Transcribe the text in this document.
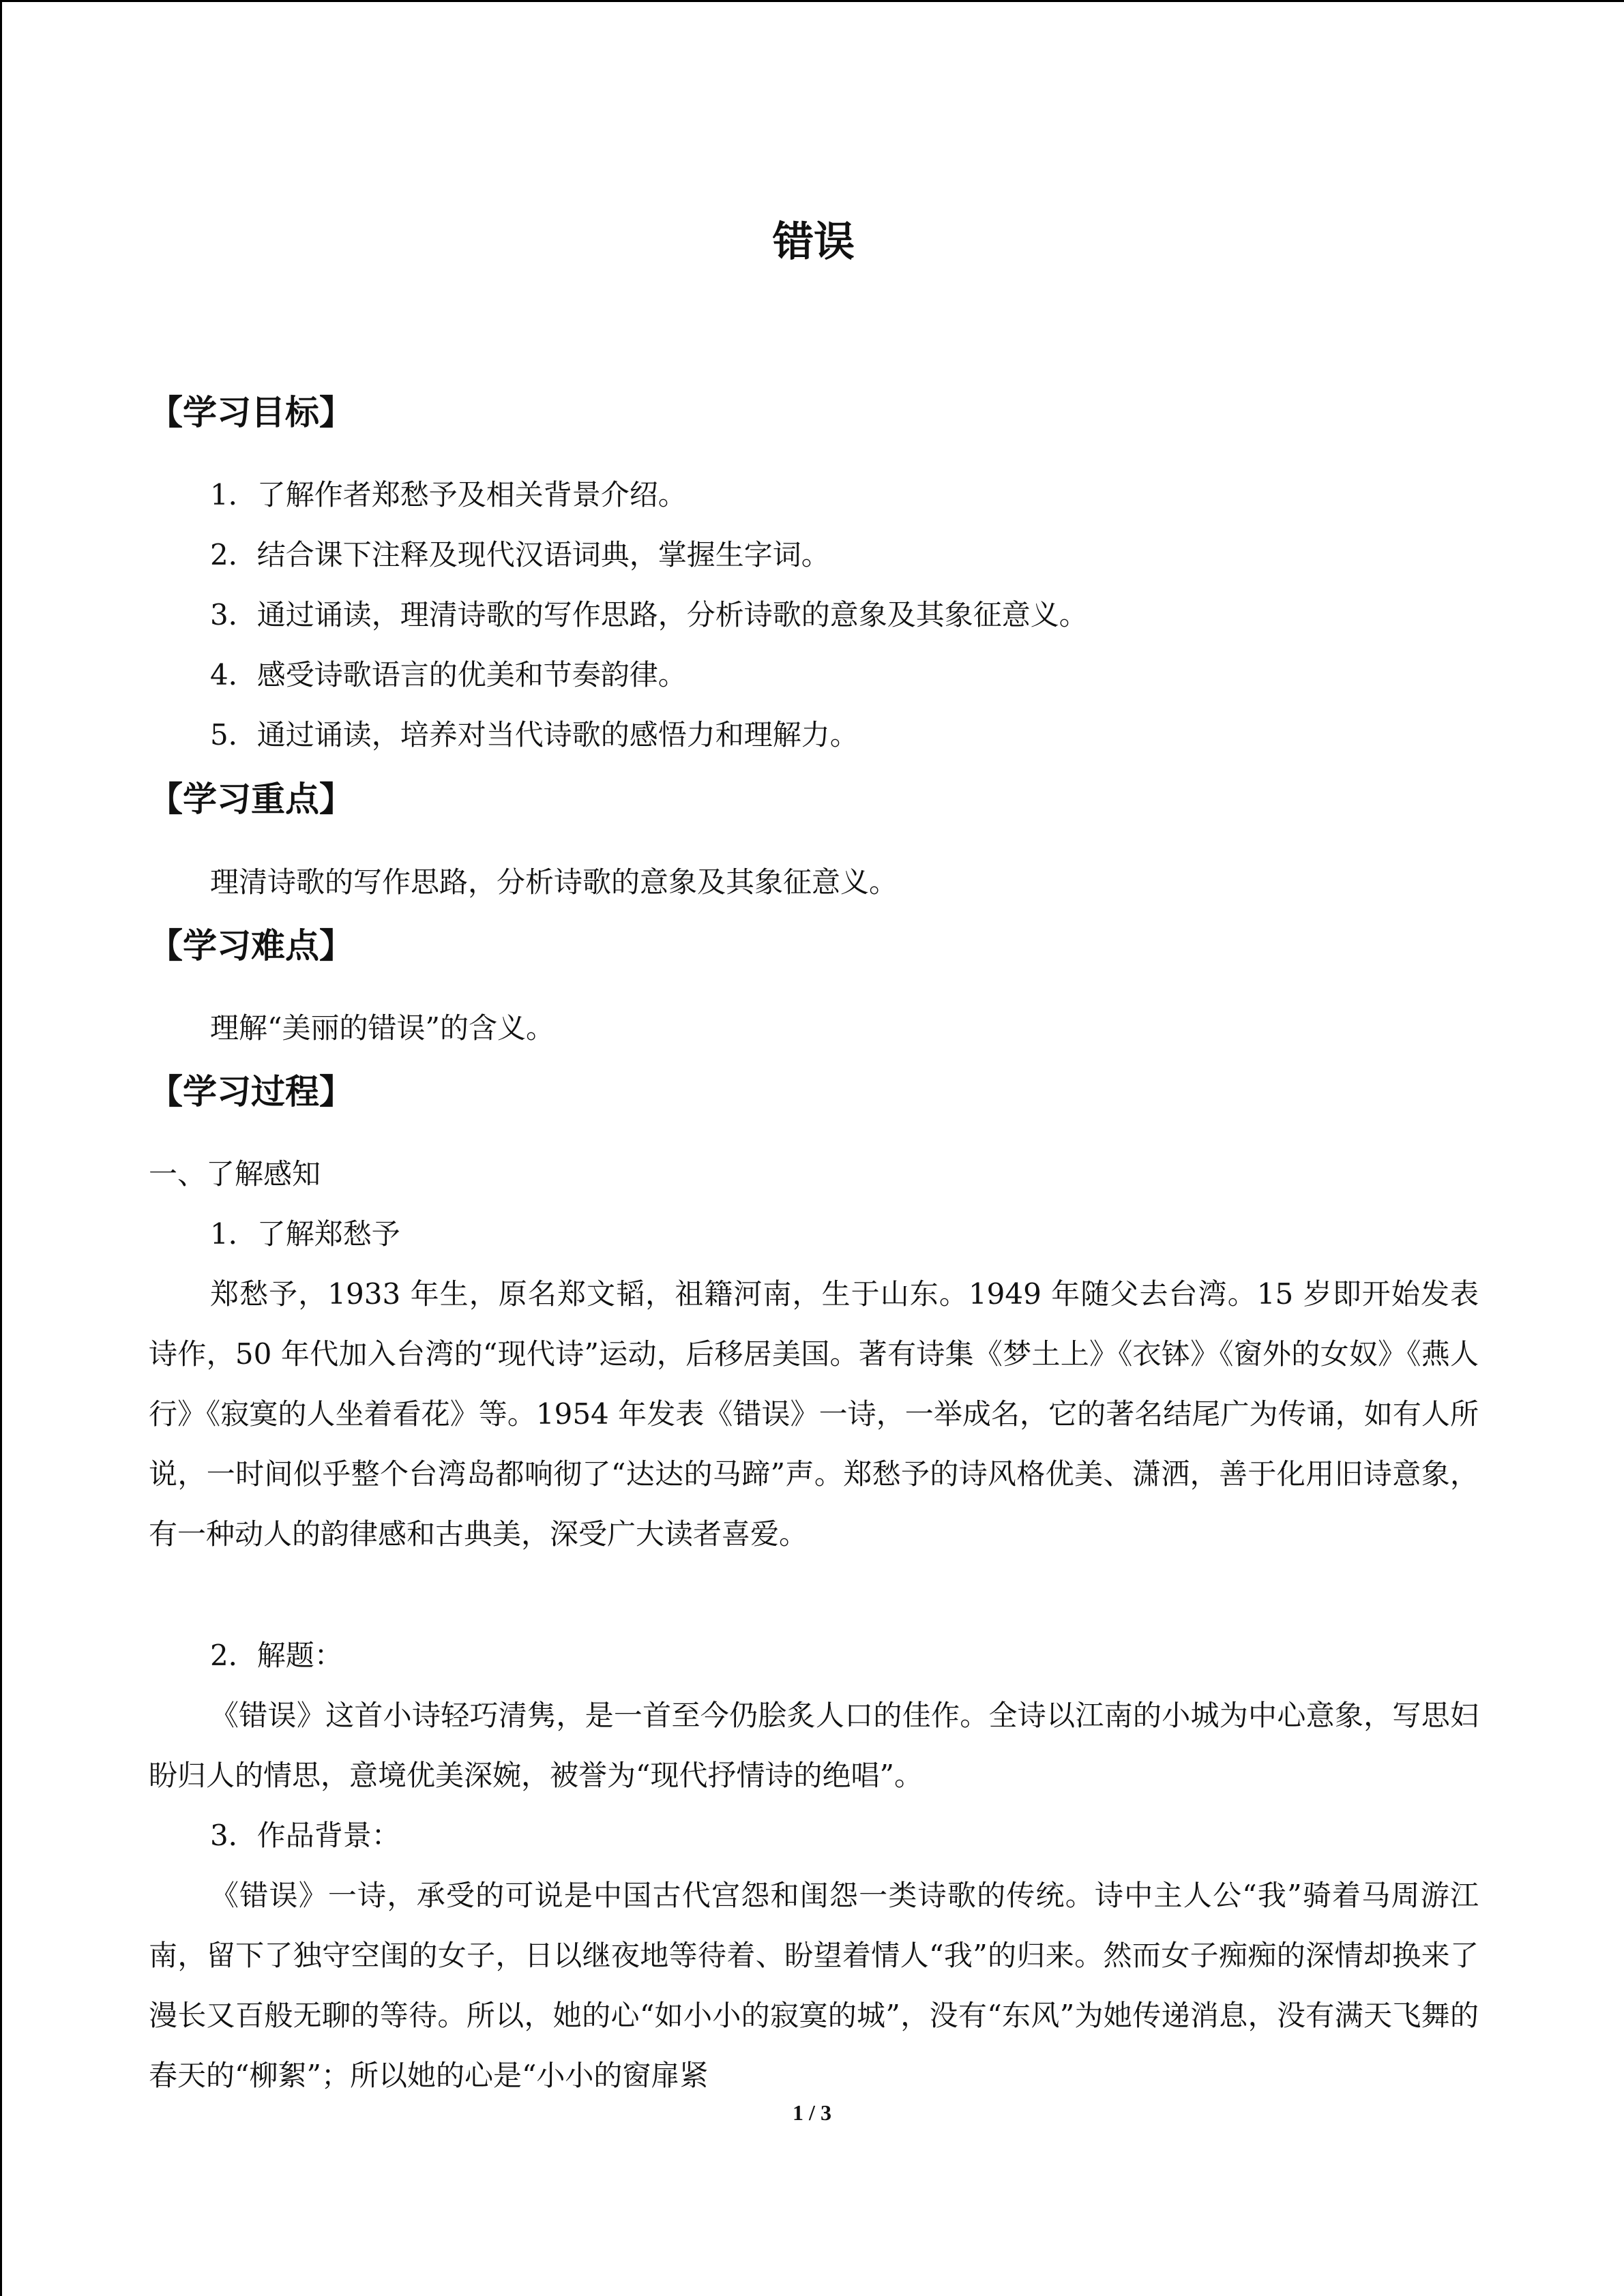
错误
【学习目标】
1．了解作者郑愁予及相关背景介绍。
2．结合课下注释及现代汉语词典，掌握生字词。
3．通过诵读，理清诗歌的写作思路，分析诗歌的意象及其象征意义。
4．感受诗歌语言的优美和节奏韵律。
5．通过诵读，培养对当代诗歌的感悟力和理解力。
【学习重点】
理清诗歌的写作思路，分析诗歌的意象及其象征意义。
【学习难点】
理解“美丽的错误”的含义。
【学习过程】
一、了解感知
1．了解郑愁予
郑愁予，1933 年生，原名郑文韬，祖籍河南，生于山东。1949 年随父去台湾。15 岁即开始发表诗作，50 年代加入台湾的“现代诗”运动，后移居美国。著有诗集《梦土上》《衣钵》《窗外的女奴》《燕人行》《寂寞的人坐着看花》等。1954 年发表《错误》一诗，一举成名，它的著名结尾广为传诵，如有人所说，一时间似乎整个台湾岛都响彻了“达达的马蹄”声。郑愁予的诗风格优美、潇洒，善于化用旧诗意象，有一种动人的韵律感和古典美，深受广大读者喜爱。
2．解题：
《错误》这首小诗轻巧清隽，是一首至今仍脍炙人口的佳作。全诗以江南的小城为中心意象，写思妇盼归人的情思，意境优美深婉，被誉为“现代抒情诗的绝唱”。
3．作品背景：
《错误》一诗，承受的可说是中国古代宫怨和闺怨一类诗歌的传统。诗中主人公“我”骑着马周游江南，留下了独守空闺的女子，日以继夜地等待着、盼望着情人“我”的归来。然而女子痴痴的深情却换来了漫长又百般无聊的等待。所以，她的心“如小小的寂寞的城”，没有“东风”为她传递消息，没有满天飞舞的春天的“柳絮”；所以她的心是“小小的窗扉紧
1 / 3
